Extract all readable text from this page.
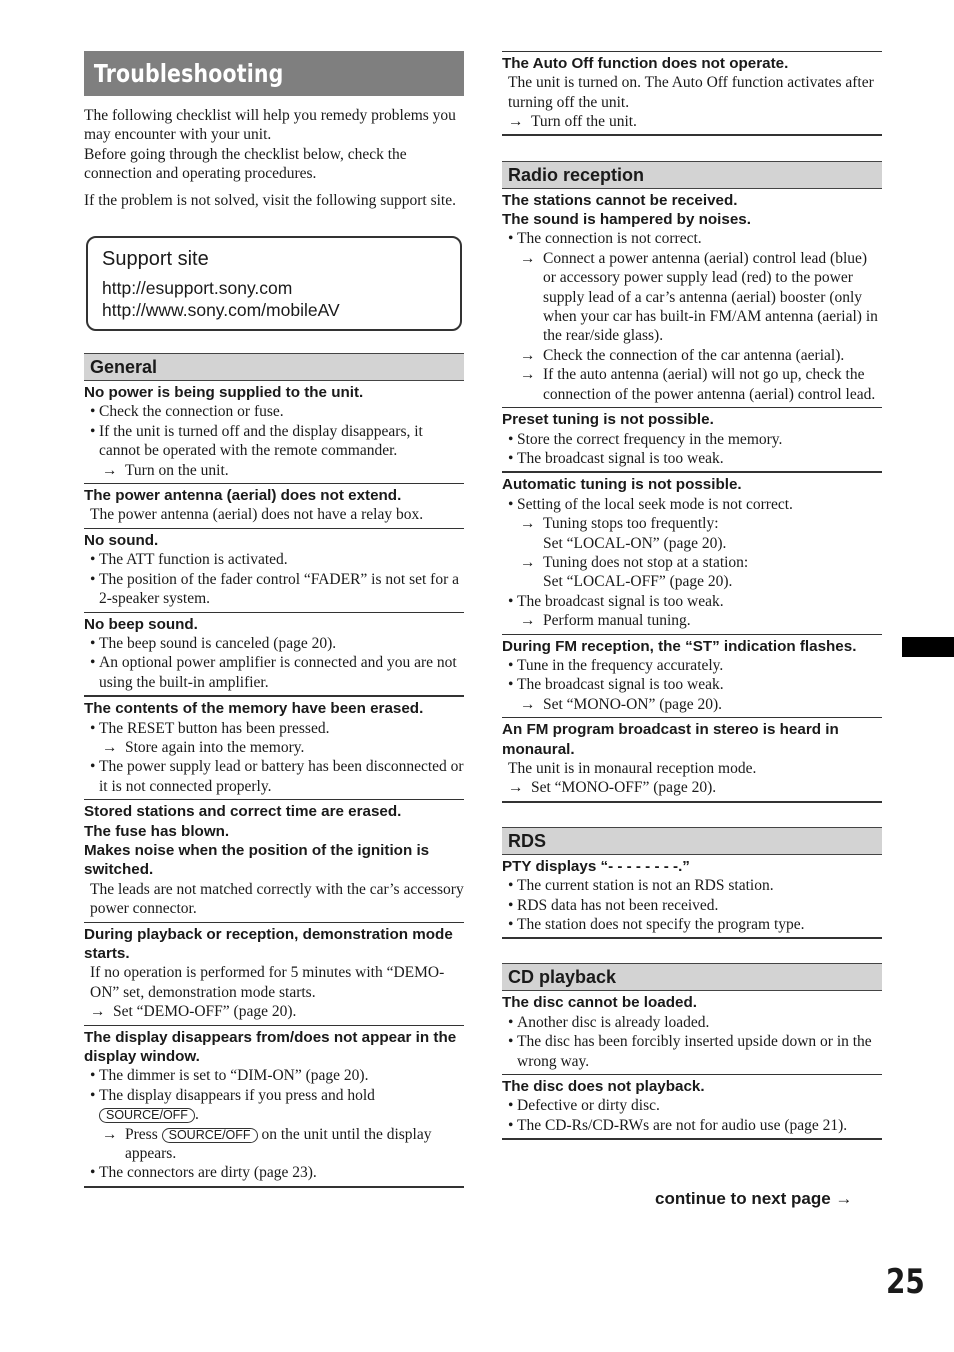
Troubleshooting

The following checklist will help you remedy problems you may encounter with your unit.

Before going through the checklist below, check the connection and operating procedures.

If the problem is not solved, visit the following support site.

Support site
http://esupport.sony.com
http://www.sony.com/mobileAV
General
No power is being supplied to the unit.
• Check the connection or fuse.
• If the unit is turned off and the display disappears, it cannot be operated with the remote commander.
→ Turn on the unit.
The power antenna (aerial) does not extend.
The power antenna (aerial) does not have a relay box.
No sound.
• The ATT function is activated.
• The position of the fader control “FADER” is not set for a 2-speaker system.
No beep sound.
• The beep sound is canceled (page 20).
• An optional power amplifier is connected and you are not using the built-in amplifier.
The contents of the memory have been erased.
• The RESET button has been pressed.
→ Store again into the memory.
• The power supply lead or battery has been disconnected or it is not connected properly.
Stored stations and correct time are erased.
The fuse has blown.
Makes noise when the position of the ignition is switched.
The leads are not matched correctly with the car’s accessory power connector.
During playback or reception, demonstration mode starts.
If no operation is performed for 5 minutes with “DEMO-ON” set, demonstration mode starts.
→ Set “DEMO-OFF” (page 20).
The display disappears from/does not appear in the display window.
• The dimmer is set to “DIM-ON” (page 20).
• The display disappears if you press and hold
SOURCE/OFF .
→ Press SOURCE/OFF on the unit until the display appears.
• The connectors are dirty (page 23).
The Auto Off function does not operate.
The unit is turned on. The Auto Off function activates after turning off the unit.
→ Turn off the unit.
Radio reception
The stations cannot be received.
The sound is hampered by noises.
• The connection is not correct.
→ Connect a power antenna (aerial) control lead (blue) or accessory power supply lead (red) to the power supply lead of a car’s antenna (aerial) booster (only when your car has built-in FM/AM antenna (aerial) in the rear/side glass).
→ Check the connection of the car antenna (aerial).
→ If the auto antenna (aerial) will not go up, check the connection of the power antenna (aerial) control lead.
Preset tuning is not possible.
• Store the correct frequency in the memory.
• The broadcast signal is too weak.
Automatic tuning is not possible.
• Setting of the local seek mode is not correct.
→ Tuning stops too frequently:
Set “LOCAL-ON” (page 20).
→ Tuning does not stop at a station:
Set “LOCAL-OFF” (page 20).
• The broadcast signal is too weak.
→ Perform manual tuning.
During FM reception, the “ST” indication flashes.
• Tune in the frequency accurately.
• The broadcast signal is too weak.
→ Set “MONO-ON” (page 20).
An FM program broadcast in stereo is heard in monaural.
The unit is in monaural reception mode.
→ Set “MONO-OFF” (page 20).
RDS
PTY displays “- - - - - - - -.”
• The current station is not an RDS station.
• RDS data has not been received.
• The station does not specify the program type.
CD playback
The disc cannot be loaded.
• Another disc is already loaded.
• The disc has been forcibly inserted upside down or in the wrong way.
The disc does not playback.
• Defective or dirty disc.
• The CD-Rs/CD-RWs are not for audio use (page 21).
continue to next page →
25
